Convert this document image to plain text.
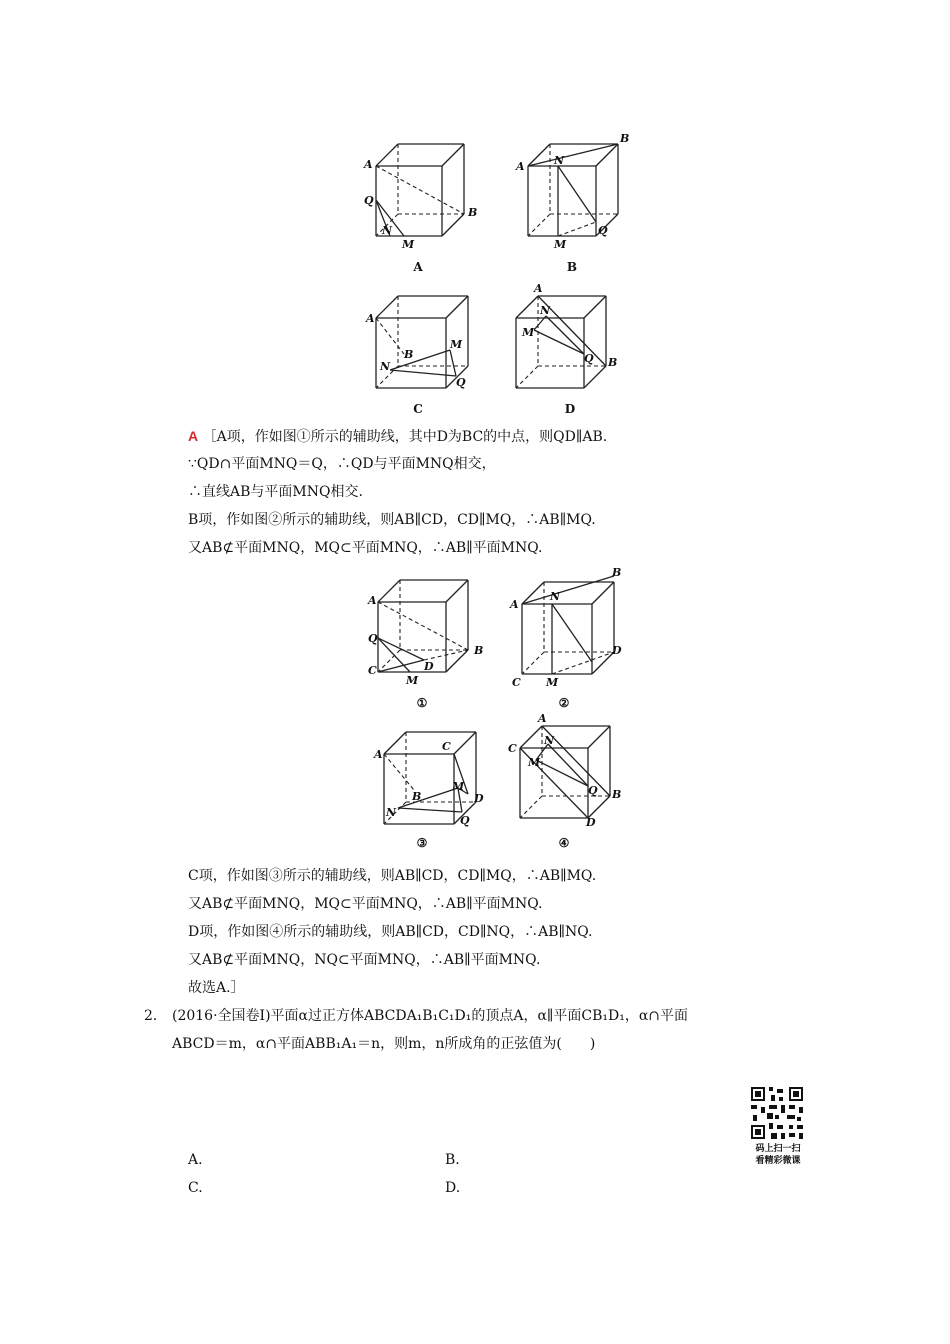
A
Q
N
M
B
A
A	N
B
M
Q
B
A
B
M
N
Q
C
A
N
M
Q B
D
A ［A项，作如图①所示的辅助线，其中D为BC的中点，则QD∥AB.
∵QD∩平面MNQ＝Q，∴QD与平面MNQ相交，
∴直线AB与平面MNQ相交.
B项，作如图②所示的辅助线，则AB∥CD，CD∥MQ，∴AB∥MQ.
又AB⊄平面MNQ，MQ⊂平面MNQ，∴AB∥平面MNQ.
A
Q
B
C	D
M
①
A
N
B
D
C M
②
A
C
B
M
D
N
Q
③
A
C
N
M
Q B
D
④
C项，作如图③所示的辅助线，则AB∥CD，CD∥MQ，∴AB∥MQ.
又AB⊄平面MNQ，MQ⊂平面MNQ，∴AB∥平面MNQ.
D项，作如图④所示的辅助线，则AB∥CD，CD∥NQ，∴AB∥NQ.
又AB⊄平面MNQ，NQ⊂平面MNQ，∴AB∥平面MNQ.
故选A.］
2． (2016·全国卷Ⅰ)平面α过正方体ABCDA₁B₁C₁D₁的顶点A，α∥平面CB₁D₁，α∩平面
ABCD＝m，α∩平面ABB₁A₁＝n，则m，n所成角的正弦值为(　　)
码上扫一扫
看精彩微课
A.	B.
C.	D.
